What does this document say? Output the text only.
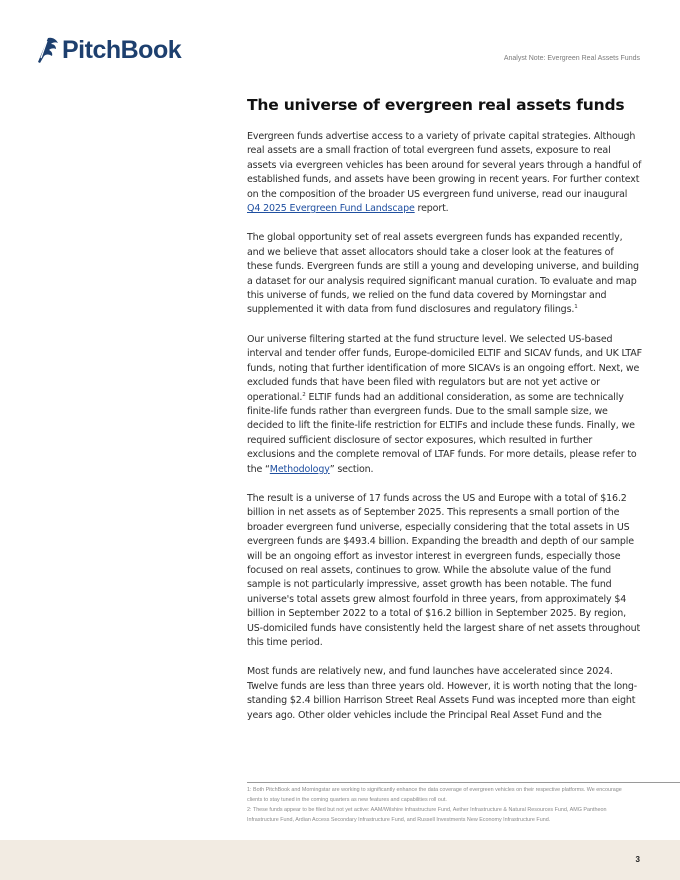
PitchBook	Analyst Note: Evergreen Real Assets Funds
The universe of evergreen real assets funds

Evergreen funds advertise access to a variety of private capital strategies. Although real assets are a small fraction of total evergreen fund assets, exposure to real assets via evergreen vehicles has been around for several years through a handful of established funds, and assets have been growing in recent years. For further context on the composition of the broader US evergreen fund universe, read our inaugural Q4 2025 Evergreen Fund Landscape report.

The global opportunity set of real assets evergreen funds has expanded recently, and we believe that asset allocators should take a closer look at the features of these funds. Evergreen funds are still a young and developing universe, and building a dataset for our analysis required significant manual curation. To evaluate and map this universe of funds, we relied on the fund data covered by Morningstar and supplemented it with data from fund disclosures and regulatory filings.$^1$

Our universe filtering started at the fund structure level. We selected US-based interval and tender offer funds, Europe-domiciled ELTIF and SICAV funds, and UK LTAF funds, noting that further identification of more SICAVs is an ongoing effort. Next, we excluded funds that have been filed with regulators but are not yet active or operational.$^2$ ELTIF funds had an additional consideration, as some are technically finite-life funds rather than evergreen funds. Due to the small sample size, we decided to lift the finite-life restriction for ELTIFs and include these funds. Finally, we required sufficient disclosure of sector exposures, which resulted in further exclusions and the complete removal of LTAF funds. For more details, please refer to the “Methodology” section.

The result is a universe of 17 funds across the US and Europe with a total of $16.2 billion in net assets as of September 2025. This represents a small portion of the broader evergreen fund universe, especially considering that the total assets in US evergreen funds are $493.4 billion. Expanding the breadth and depth of our sample will be an ongoing effort as investor interest in evergreen funds, especially those focused on real assets, continues to grow. While the absolute value of the fund sample is not particularly impressive, asset growth has been notable. The fund universe's total assets grew almost fourfold in three years, from approximately $4 billion in September 2022 to a total of $16.2 billion in September 2025. By region, US-domiciled funds have consistently held the largest share of net assets throughout this time period.

Most funds are relatively new, and fund launches have accelerated since 2024. Twelve funds are less than three years old. However, it is worth noting that the long-standing $2.4 billion Harrison Street Real Assets Fund was incepted more than eight years ago. Other older vehicles include the Principal Real Asset Fund and the

1: Both PitchBook and Morningstar are working to significantly enhance the data coverage of evergreen vehicles on their respective platforms. We encourage clients to stay tuned in the coming quarters as new features and capabilities roll out.
2: These funds appear to be filed but not yet active: AAM/Wilshire Infrastructure Fund, Aether Infrastructure & Natural Resources Fund, AMG Pantheon Infrastructure Fund, Ardian Access Secondary Infrastructure Fund, and Russell Investments New Economy Infrastructure Fund.
3
